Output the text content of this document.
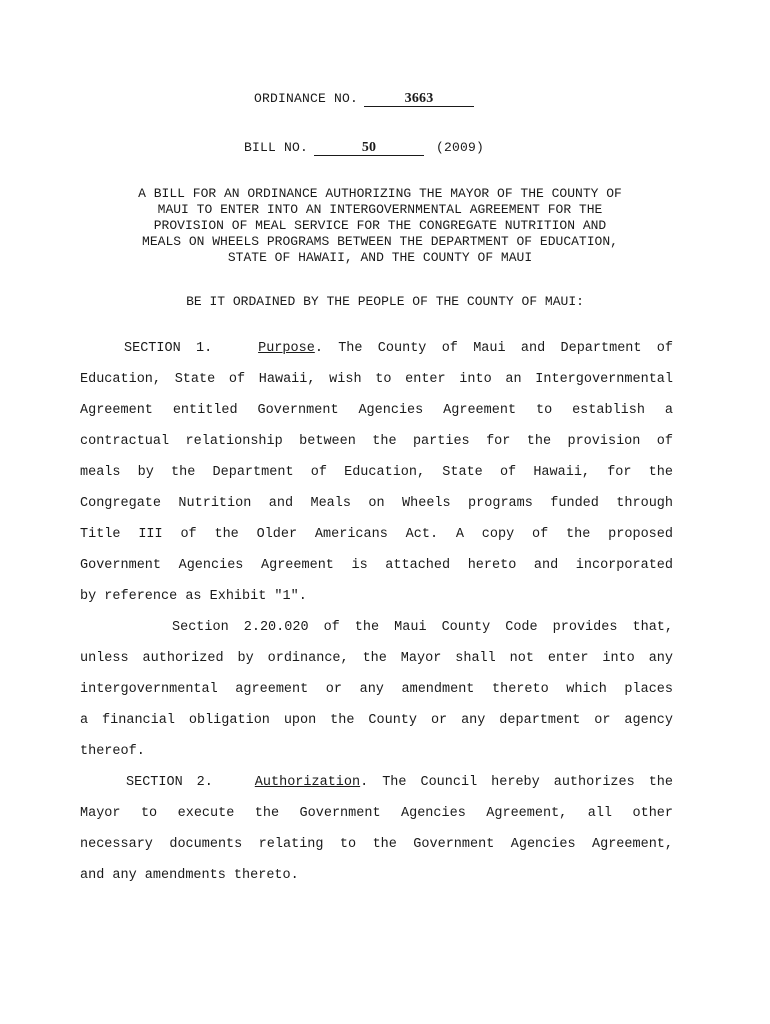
ORDINANCE NO.	3663
BILL NO.	50	(2009)
A BILL FOR AN ORDINANCE AUTHORIZING THE MAYOR OF THE COUNTY OF
MAUI TO ENTER INTO AN INTERGOVERNMENTAL AGREEMENT FOR THE
PROVISION OF MEAL SERVICE FOR THE CONGREGATE NUTRITION AND
MEALS ON WHEELS PROGRAMS BETWEEN THE DEPARTMENT OF EDUCATION,
STATE OF HAWAII, AND THE COUNTY OF MAUI
BE IT ORDAINED BY THE PEOPLE OF THE COUNTY OF MAUI:
SECTION 1.	Purpose. The County of Maui and Department of
Education, State of Hawaii, wish to enter into an Intergovernmental
Agreement entitled Government Agencies Agreement to establish a
contractual relationship between the parties for the provision of
meals by the Department of Education, State of Hawaii, for the
Congregate Nutrition and Meals on Wheels programs funded through
Title III of the Older Americans Act. A copy of the proposed
Government Agencies Agreement is attached hereto and incorporated
by reference as Exhibit "1".
Section 2.20.020 of the Maui County Code provides that,
unless authorized by ordinance, the Mayor shall not enter into any
intergovernmental agreement or any amendment thereto which places
a financial obligation upon the County or any department or agency
thereof.
SECTION 2.	Authorization. The Council hereby authorizes the
Mayor to execute the Government Agencies Agreement, all other
necessary documents relating to the Government Agencies Agreement,
and any amendments thereto.
